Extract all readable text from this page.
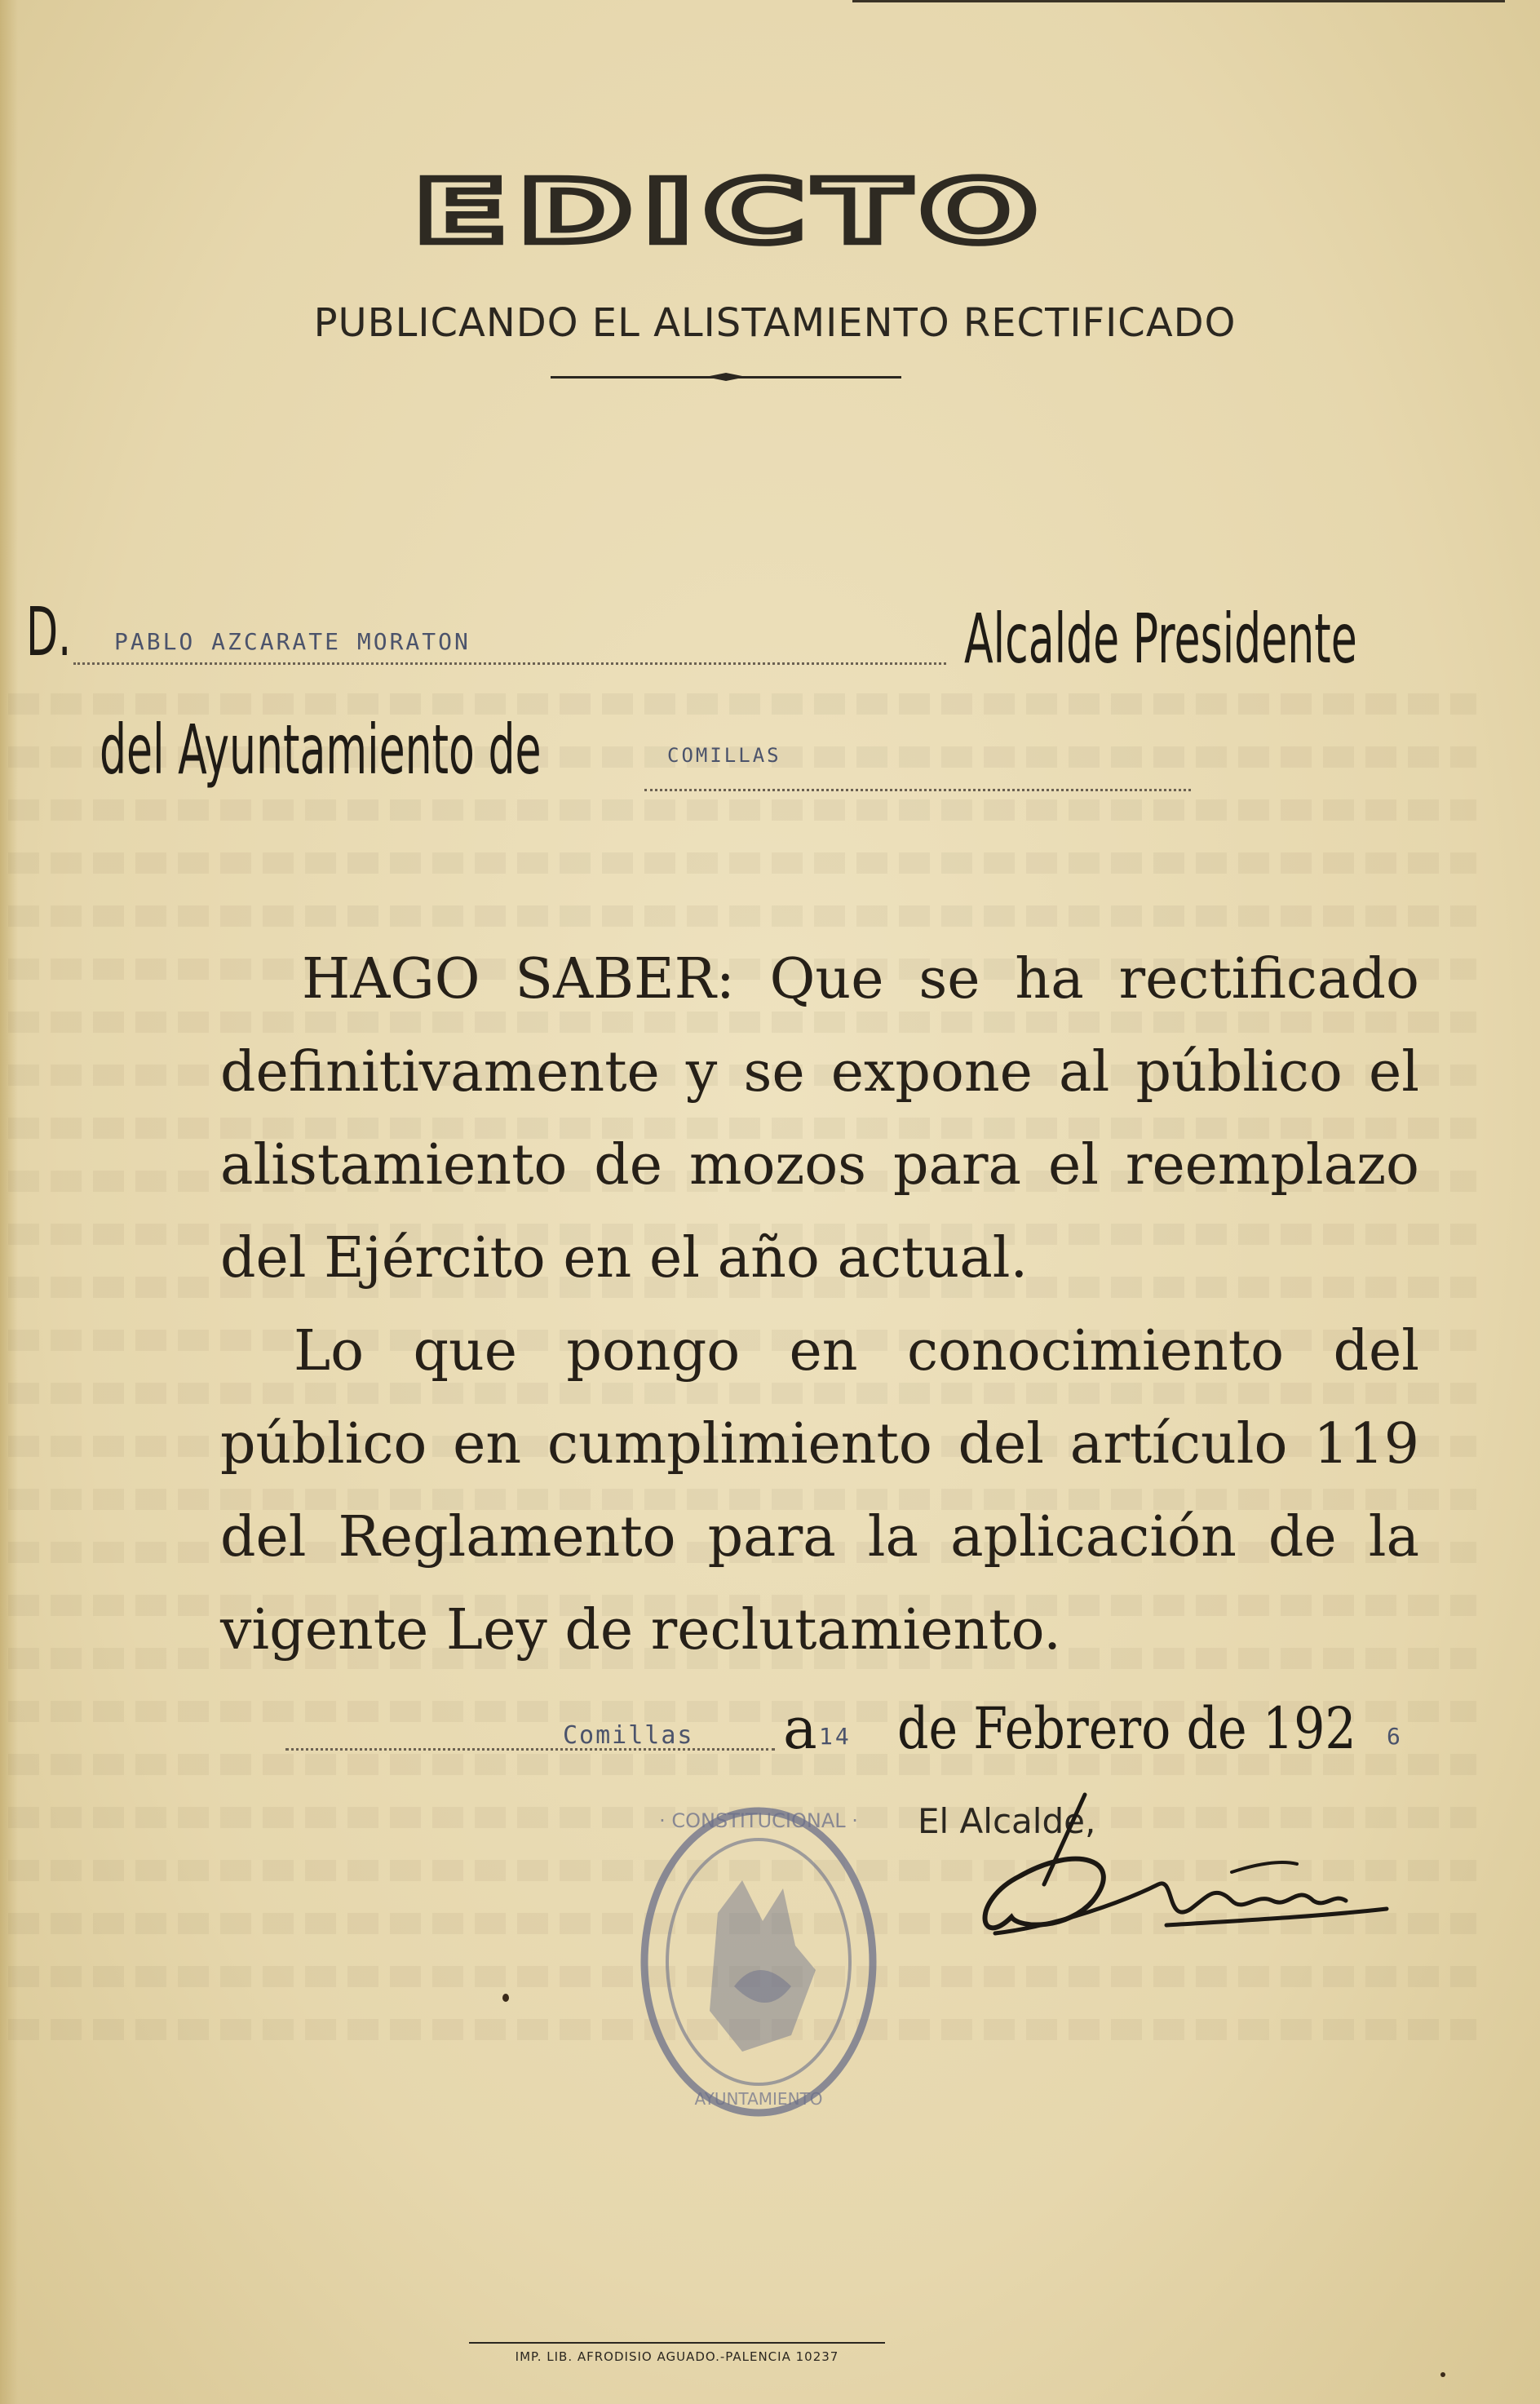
EDICTO
PUBLICANDO EL ALISTAMIENTO RECTIFICADO
D. PABLO AZCARATE MORATON	Alcalde Presidente
del Ayuntamiento de	COMILLAS

HAGO SABER: Que se ha rectificado definitivamente y se expone al público el alistamiento de mozos para el reemplazo del Ejército en el año actual.

Lo que pongo en conocimiento del público en cumplimiento del artículo 119 del Reglamento para la aplicación de la vigente Ley de reclutamiento.

Comillas a 14 de Febrero de 192 6
El Alcalde,
· CONSTITUCIONAL ·
AYUNTAMIENTO
IMP. LIB. AFRODISIO AGUADO.-PALENCIA 10237
